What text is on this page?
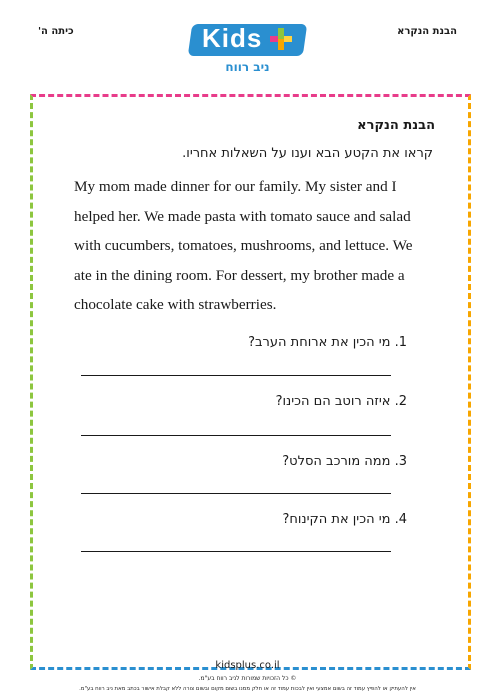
כיתה ה'	הבנת הנקרא
Kids
ניב רווח
הבנת הנקרא
קראו את הקטע הבא וענו על השאלות אחריו.
My mom made dinner for our family. My sister and I
helped her. We made pasta with tomato sauce and salad
with cucumbers, tomatoes, mushrooms, and lettuce. We
ate in the dining room. For dessert, my brother made a
chocolate cake with strawberries.
1. מי הכין את ארוחת הערב?
2. איזה רוטב הם הכינו?
3. ממה מורכב הסלט?
4. מי הכין את הקינוח?
kidsplus.co.il
© כל הזכויות שמורות לניב רווח בע"מ.
אין להעתיק או להפיץ עמוד זה בשום אמצעי ואין לבכות עמוד זה או חלק ממנו בשום מקום ובשום צורה ללא קבלת אישור בכתב מאת ניב רווח בע"מ.
